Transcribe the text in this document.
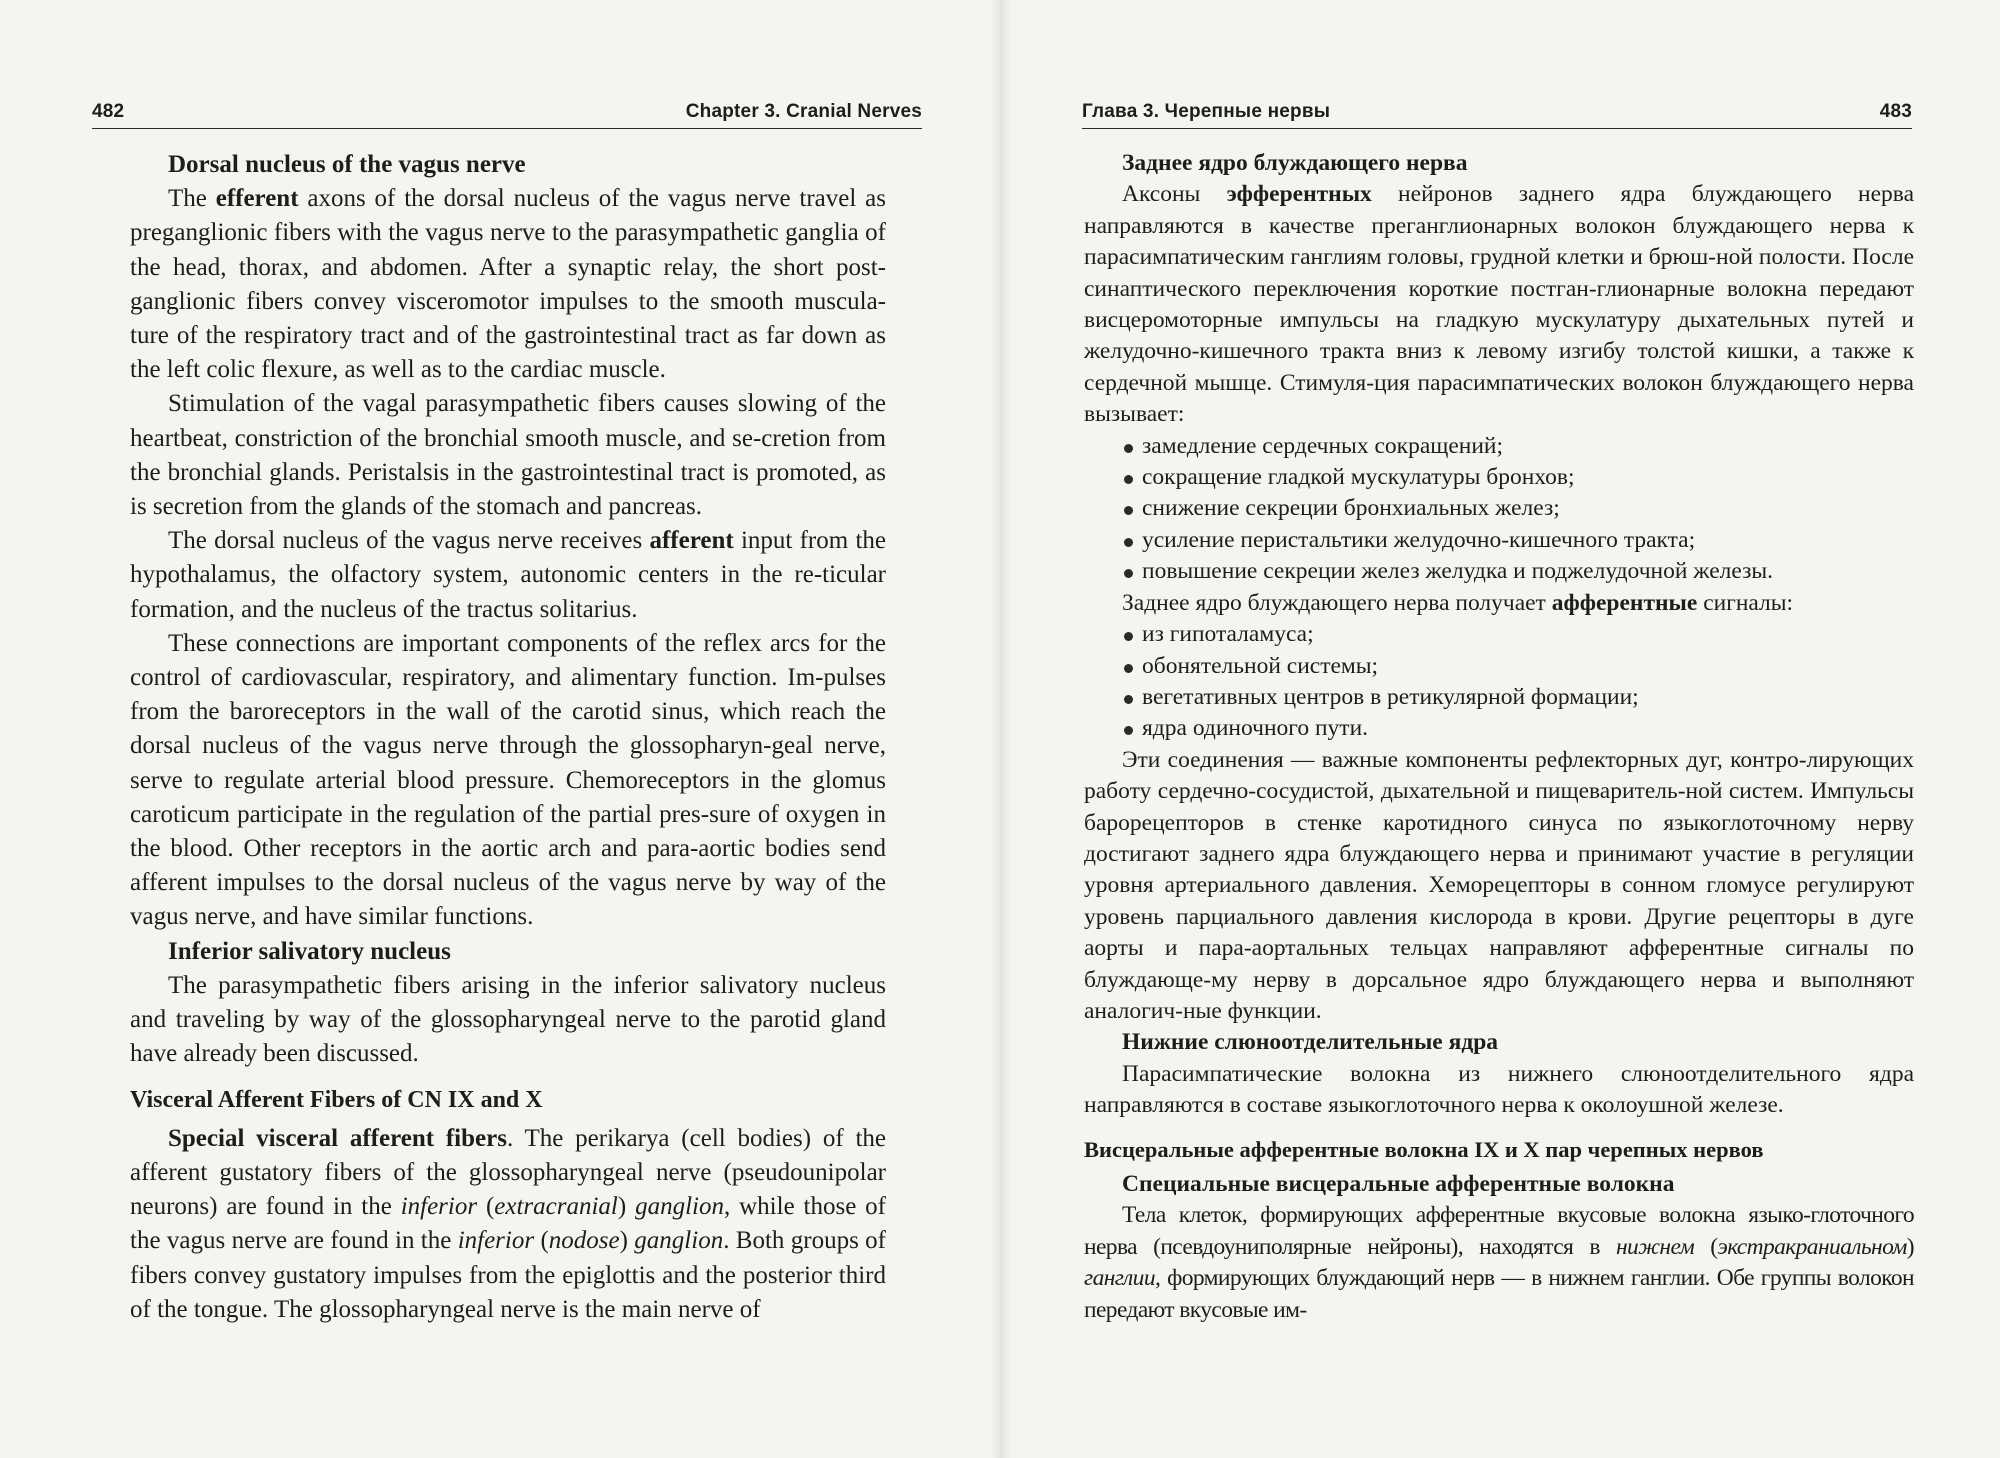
482	Chapter 3. Cranial Nerves
Dorsal nucleus of the vagus nerve

The efferent axons of the dorsal nucleus of the vagus nerve travel as preganglionic fibers with the vagus nerve to the parasympathetic ganglia of the head, thorax, and abdomen. After a synaptic relay, the short post-ganglionic fibers convey visceromotor impulses to the smooth muscula-ture of the respiratory tract and of the gastrointestinal tract as far down as the left colic flexure, as well as to the cardiac muscle.

Stimulation of the vagal parasympathetic fibers causes slowing of the heartbeat, constriction of the bronchial smooth muscle, and se-cretion from the bronchial glands. Peristalsis in the gastrointestinal tract is promoted, as is secretion from the glands of the stomach and pancreas.

The dorsal nucleus of the vagus nerve receives afferent input from the hypothalamus, the olfactory system, autonomic centers in the re-ticular formation, and the nucleus of the tractus solitarius.

These connections are important components of the reflex arcs for the control of cardiovascular, respiratory, and alimentary function. Im-pulses from the baroreceptors in the wall of the carotid sinus, which reach the dorsal nucleus of the vagus nerve through the glossopharyn-geal nerve, serve to regulate arterial blood pressure. Chemoreceptors in the glomus caroticum participate in the regulation of the partial pres-sure of oxygen in the blood. Other receptors in the aortic arch and para-aortic bodies send afferent impulses to the dorsal nucleus of the vagus nerve by way of the vagus nerve, and have similar functions.

Inferior salivatory nucleus

The parasympathetic fibers arising in the inferior salivatory nucleus and traveling by way of the glossopharyngeal nerve to the parotid gland have already been discussed.

Visceral Afferent Fibers of CN IX and X

Special visceral afferent fibers. The perikarya (cell bodies) of the afferent gustatory fibers of the glossopharyngeal nerve (pseudounipolar neurons) are found in the inferior (extracranial) ganglion, while those of the vagus nerve are found in the inferior (nodose) ganglion. Both groups of fibers convey gustatory impulses from the epiglottis and the posterior third of the tongue. The glossopharyngeal nerve is the main nerve of

Глава 3. Черепные нервы	483
Заднее ядро блуждающего нерва

Аксоны эфферентных нейронов заднего ядра блуждающего нерва направляются в качестве преганглионарных волокон блуждающего нерва к парасимпатическим ганглиям головы, грудной клетки и брюш-ной полости. После синаптического переключения короткие постган-глионарные волокна передают висцеромоторные импульсы на гладкую мускулатуру дыхательных путей и желудочно-кишечного тракта вниз к левому изгибу толстой кишки, а также к сердечной мышце. Стимуля-ция парасимпатических волокон блуждающего нерва вызывает:

замедление сердечных сокращений;
сокращение гладкой мускулатуры бронхов;
снижение секреции бронхиальных желез;
усиление перистальтики желудочно-кишечного тракта;
повышение секреции желез желудка и поджелудочной железы.

Заднее ядро блуждающего нерва получает афферентные сигналы:

из гипоталамуса;
обонятельной системы;
вегетативных центров в ретикулярной формации;
ядра одиночного пути.

Эти соединения — важные компоненты рефлекторных дуг, контро-лирующих работу сердечно-сосудистой, дыхательной и пищеваритель-ной систем. Импульсы барорецепторов в стенке каротидного синуса по языкоглоточному нерву достигают заднего ядра блуждающего нерва и принимают участие в регуляции уровня артериального давления. Хеморецепторы в сонном гломусе регулируют уровень парциального давления кислорода в крови. Другие рецепторы в дуге аорты и пара-аортальных тельцах направляют афферентные сигналы по блуждающе-му нерву в дорсальное ядро блуждающего нерва и выполняют аналогич-ные функции.

Нижние слюноотделительные ядра

Парасимпатические волокна из нижнего слюноотделительного ядра направляются в составе языкоглоточного нерва к околоушной железе.

Висцеральные афферентные волокна IX и X пар черепных нервов
Специальные висцеральные афферентные волокна

Тела клеток, формирующих афферентные вкусовые волокна языко-глоточного нерва (псевдоуниполярные нейроны), находятся в нижнем (экстракраниальном) ганглии, формирующих блуждающий нерв — в нижнем ганглии. Обе группы волокон передают вкусовые им-
